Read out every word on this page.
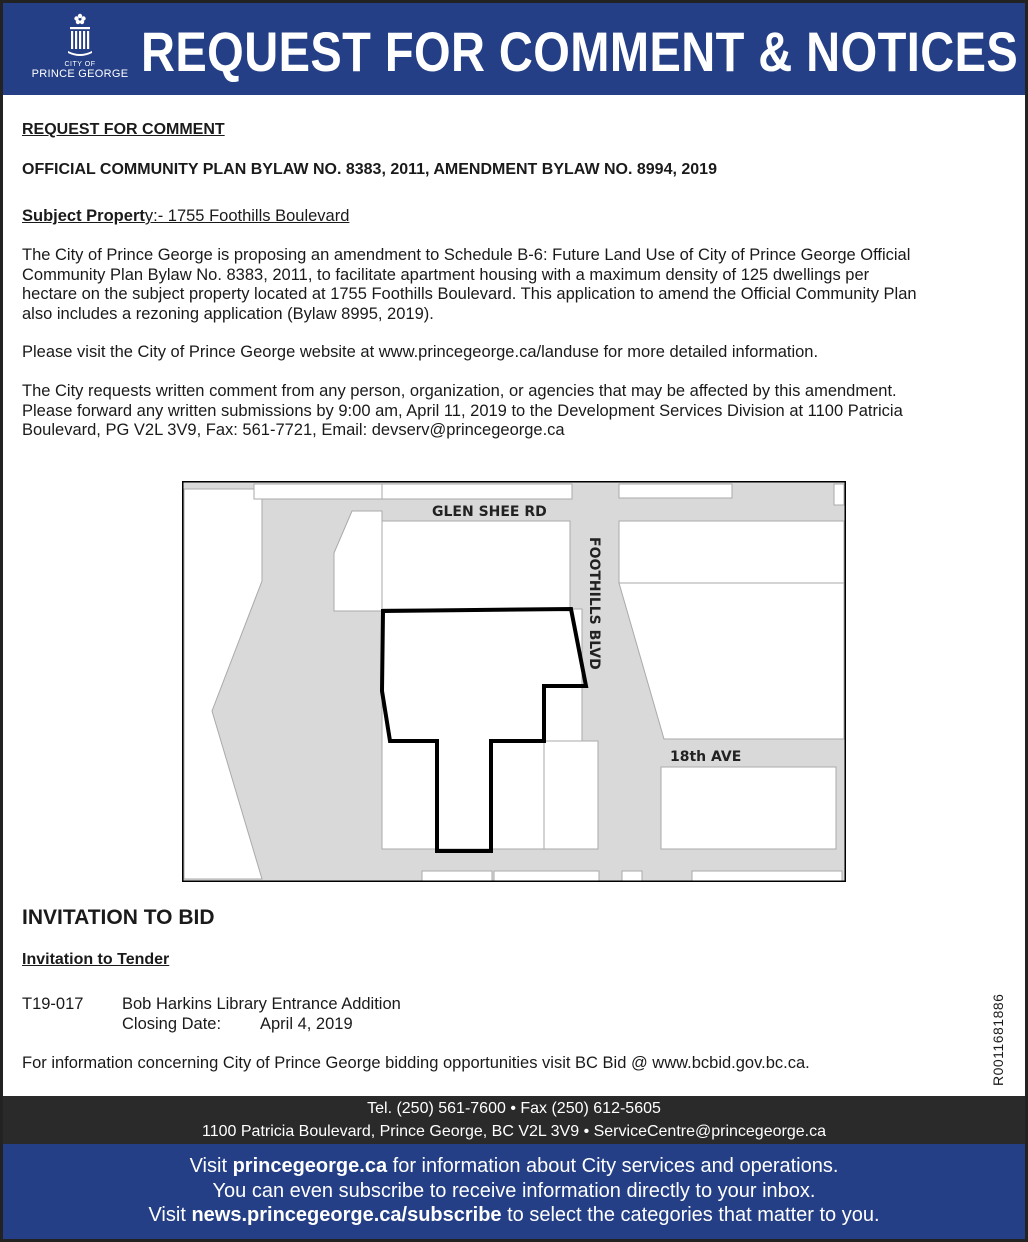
CITY OF
PRINCE GEORGE REQUEST FOR COMMENT & NOTICES
REQUEST FOR COMMENT
OFFICIAL COMMUNITY PLAN BYLAW NO. 8383, 2011, AMENDMENT BYLAW NO. 8994, 2019
Subject Property:- 1755 Foothills Boulevard
The City of Prince George is proposing an amendment to Schedule B-6: Future Land Use of City of Prince George Official
Community Plan Bylaw No. 8383, 2011, to facilitate apartment housing with a maximum density of 125 dwellings per
hectare on the subject property located at 1755 Foothills Boulevard. This application to amend the Official Community Plan
also includes a rezoning application (Bylaw 8995, 2019).
Please visit the City of Prince George website at www.princegeorge.ca/landuse for more detailed information.
The City requests written comment from any person, organization, or agencies that may be affected by this amendment.
Please forward any written submissions by 9:00 am, April 11, 2019 to the Development Services Division at 1100 Patricia
Boulevard, PG V2L 3V9, Fax: 561-7721, Email: devserv@princegeorge.ca
GLEN SHEE RD
FOOTHILLS BLVD
18th AVE
INVITATION TO BID
Invitation to Tender
T19-017 Bob Harkins Library Entrance Addition
Closing Date: April 4, 2019
For information concerning City of Prince George bidding opportunities visit BC Bid @ www.bcbid.gov.bc.ca.	R0011681886
Tel. (250) 561-7600 • Fax (250) 612-5605
1100 Patricia Boulevard, Prince George, BC V2L 3V9 • ServiceCentre@princegeorge.ca
Visit princegeorge.ca for information about City services and operations.
You can even subscribe to receive information directly to your inbox.
Visit news.princegeorge.ca/subscribe to select the categories that matter to you.
